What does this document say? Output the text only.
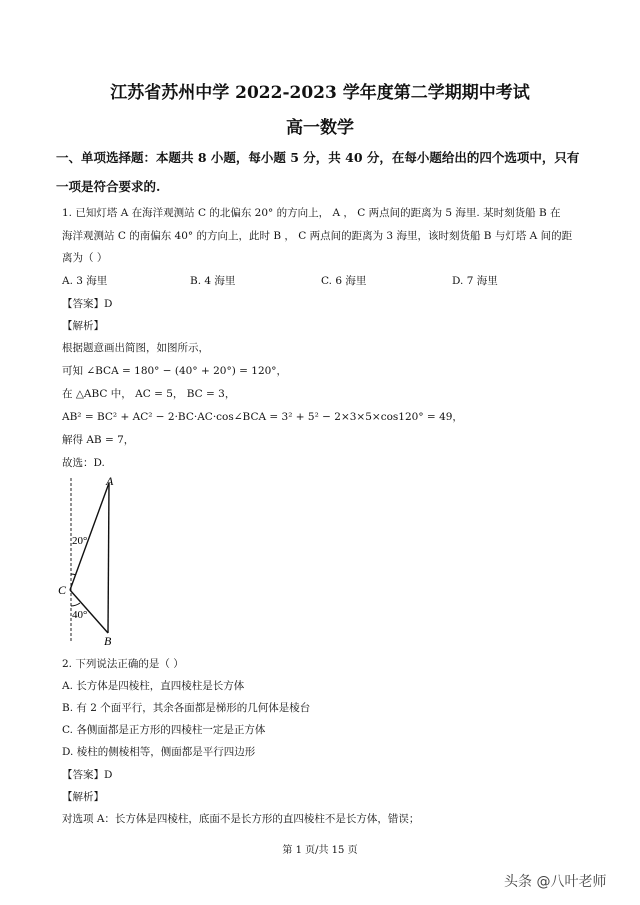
江苏省苏州中学 2022-2023 学年度第二学期期中考试
高一数学
一、单项选择题：本题共 8 小题，每小题 5 分，共 40 分，在每小题给出的四个选项中，只有
一项是符合要求的.
1. 已知灯塔 A 在海洋观测站 C 的北偏东 20° 的方向上， A ， C 两点间的距离为 5 海里. 某时刻货船 B 在
海洋观测站 C 的南偏东 40° 的方向上，此时 B ， C 两点间的距离为 3 海里，该时刻货船 B 与灯塔 A 间的距
离为（ ）
A. 3 海里	B. 4 海里	C. 6 海里	D. 7 海里
【答案】D
【解析】
根据题意画出简图，如图所示，
可知 ∠BCA = 180° − (40° + 20°) = 120°，
在 △ABC 中， AC = 5， BC = 3，
AB² = BC² + AC² − 2·BC·AC·cos∠BCA = 3² + 5² − 2×3×5×cos120° = 49，
解得 AB = 7，
故选：D.
A
B
C
20°
40°
2. 下列说法正确的是（ ）
A. 长方体是四棱柱，直四棱柱是长方体
B. 有 2 个面平行，其余各面都是梯形的几何体是棱台
C. 各侧面都是正方形的四棱柱一定是正方体
D. 棱柱的侧棱相等，侧面都是平行四边形
【答案】D
【解析】
对选项 A：长方体是四棱柱，底面不是长方形的直四棱柱不是长方体，错误；
第 1 页/共 15 页
头条 @八叶老师
